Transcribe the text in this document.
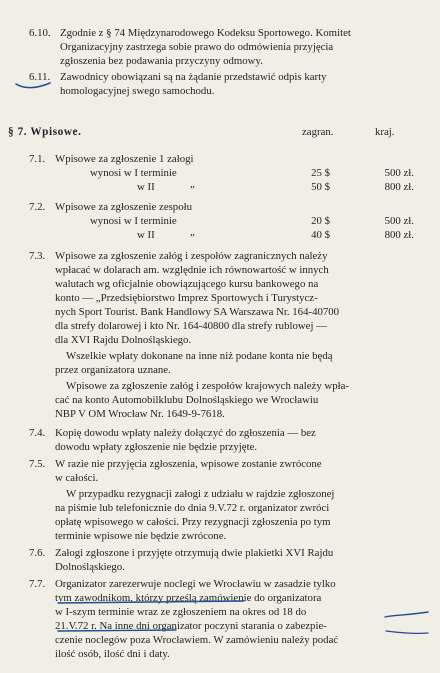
6.10. Zgodnie z § 74 Międzynarodowego Kodeksu Sportowego. Komitet
Organizacyjny zastrzega sobie prawo do odmówienia przyjęcia
zgłoszenia bez podawania przyczyny odmowy.
6.11. Zawodnicy obowiązani są na żądanie przedstawić odpis karty
homologacyjnej swego samochodu.
§ 7. Wpisowe.	zagran.	kraj.
7.1. Wpisowe za zgłoszenie 1 załogi
wynosi w I terminie	25 $	500 zł.
w II	„	50 $	800 zł.
7.2. Wpisowe za zgłoszenie zespołu
wynosi w I terminie	20 $	500 zł.
w II	„	40 $	800 zł.
7.3. Wpisowe za zgłoszenie załóg i zespołów zagranicznych należy
wpłacać w dolarach am. względnie ich równowartość w innych
walutach wg oficjalnie obowiązującego kursu bankowego na
konto — „Przedsiębiorstwo Imprez Sportowych i Turystycz-
nych Sport Tourist. Bank Handlowy SA Warszawa Nr. 164-40700
dla strefy dolarowej i kto Nr. 164-40800 dla strefy rublowej —
dla XVI Rajdu Dolnośląskiego.
Wszelkie wpłaty dokonane na inne niż podane konta nie będą
przez organizatora uznane.
Wpisowe za zgłoszenie załóg i zespołów krajowych należy wpła-
cać na konto Automobilklubu Dolnośląskiego we Wrocławiu
NBP V OM Wrocław Nr. 1649-9-7618.
7.4. Kopię dowodu wpłaty należy dołączyć do zgłoszenia — bez
dowodu wpłaty zgłoszenie nie będzie przyjęte.
7.5. W razie nie przyjęcia zgłoszenia, wpisowe zostanie zwrócone
w całości.
W przypadku rezygnacji załogi z udziału w rajdzie zgłoszonej
na piśmie lub telefonicznie do dnia 9.V.72 r. organizator zwróci
opłatę wpisowego w całości. Przy rezygnacji zgłoszenia po tym
terminie wpisowe nie będzie zwrócone.
7.6. Załogi zgłoszone i przyjęte otrzymują dwie plakietki XVI Rajdu
Dolnośląskiego.
7.7. Organizator zarezerwuje noclegi we Wrocławiu w zasadzie tylko
tym zawodnikom, którzy prześlą zamówienie do organizatora
w I-szym terminie wraz ze zgłoszeniem na okres od 18 do
21.V.72 r. Na inne dni organizator poczyni starania o zabezpie-
czenie noclegów poza Wrocławiem. W zamówieniu należy podać
ilość osób, ilość dni i daty.
